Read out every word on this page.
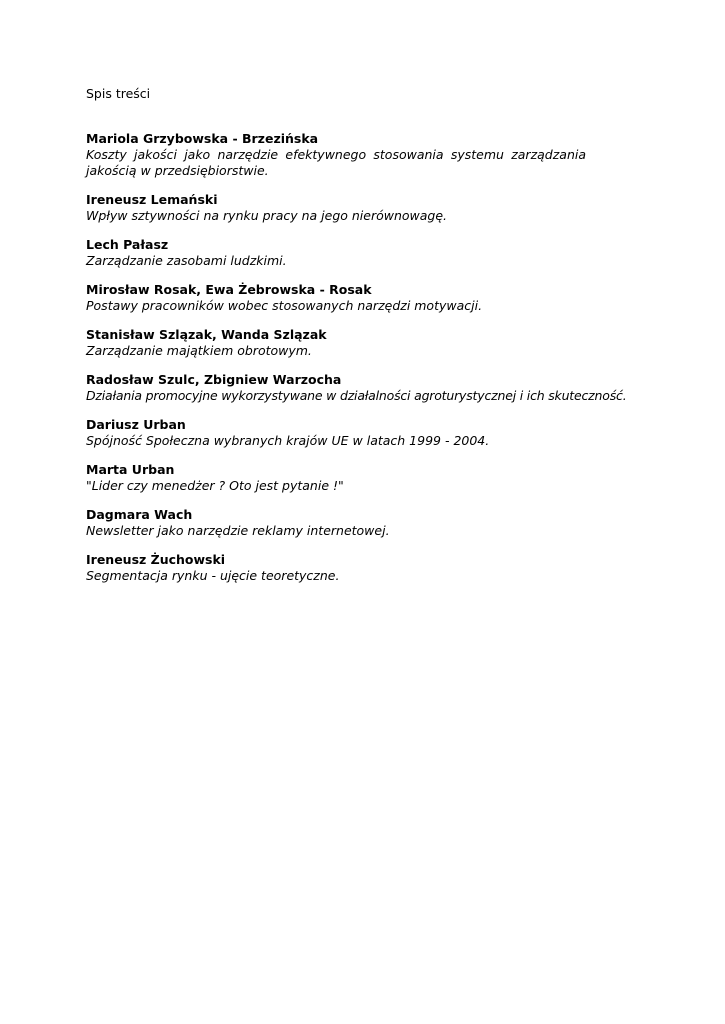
Spis treści

Mariola Grzybowska - Brzezińska
Koszty jakości jako narzędzie efektywnego stosowania systemu zarządzania jakością w przedsiębiorstwie.
Ireneusz Lemański
Wpływ sztywności na rynku pracy na jego nierównowagę.
Lech Pałasz
Zarządzanie zasobami ludzkimi.
Mirosław Rosak, Ewa Żebrowska - Rosak
Postawy pracowników wobec stosowanych narzędzi motywacji.
Stanisław Szlązak, Wanda Szlązak
Zarządzanie majątkiem obrotowym.
Radosław Szulc, Zbigniew Warzocha
Działania promocyjne wykorzystywane w działalności agroturystycznej i ich skuteczność.
Dariusz Urban
Spójność Społeczna wybranych krajów UE w latach 1999 - 2004.
Marta Urban
"Lider czy menedżer ? Oto jest pytanie !"
Dagmara Wach
Newsletter jako narzędzie reklamy internetowej.
Ireneusz Żuchowski
Segmentacja rynku - ujęcie teoretyczne.
